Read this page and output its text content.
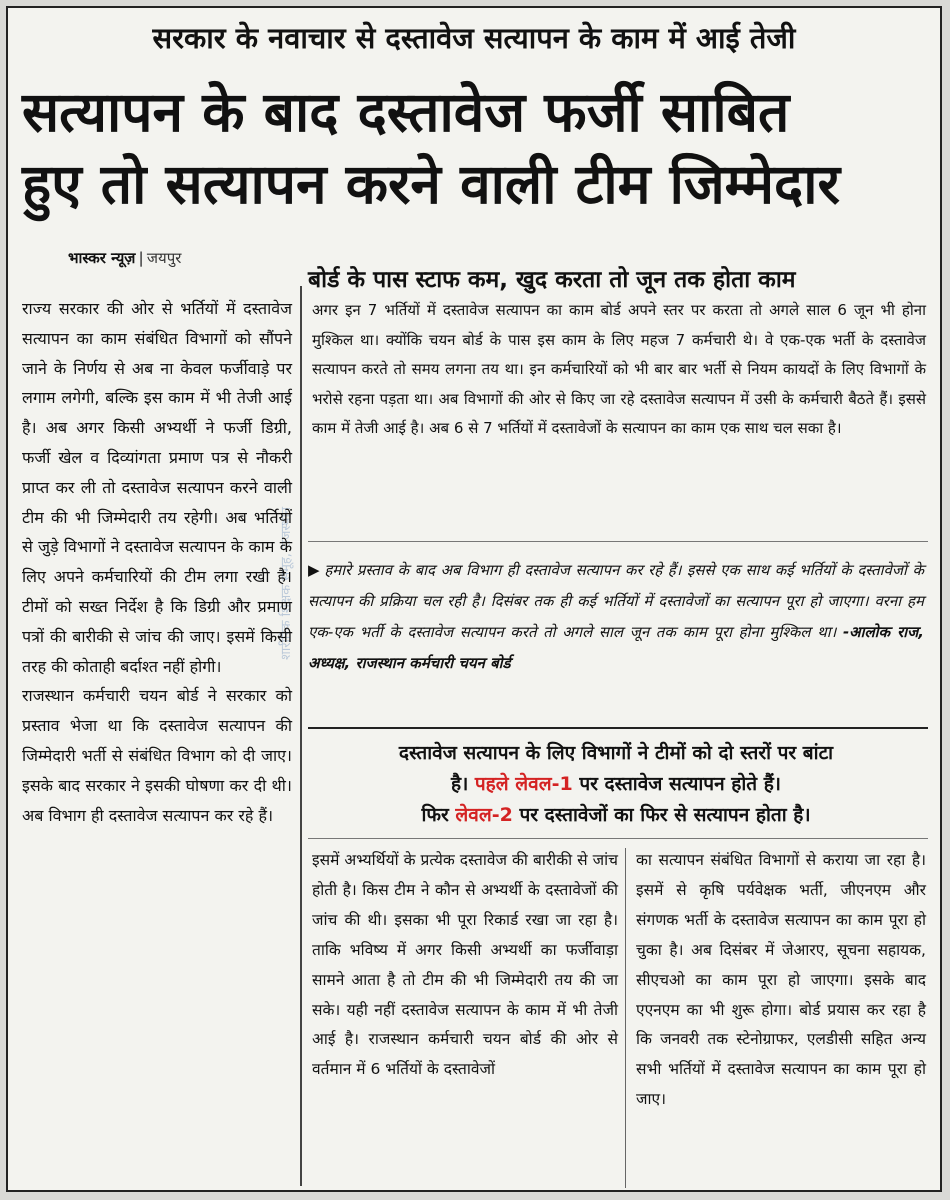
सरकार के नवाचार से दस्तावेज सत्यापन के काम में आई तेजी
सत्यापन के बाद दस्तावेज फर्जी साबित
हुए तो सत्यापन करने वाली टीम जिम्मेदार
भास्कर न्यूज़ | जयपुर
बोर्ड के पास स्टाफ कम, खुद करता तो जून तक होता काम
शारीरिक शिक्षक समूह, राजस्थान

राज्य सरकार की ओर से भर्तियों में दस्तावेज सत्यापन का काम संबंधित विभागों को सौंपने जाने के निर्णय से अब ना केवल फर्जीवाड़े पर लगाम लगेगी, बल्कि इस काम में भी तेजी आई है। अब अगर किसी अभ्यर्थी ने फर्जी डिग्री, फर्जी खेल व दिव्यांगता प्रमाण पत्र से नौकरी प्राप्त कर ली तो दस्तावेज सत्यापन करने वाली टीम की भी जिम्मेदारी तय रहेगी। अब भर्तियों से जुड़े विभागों ने दस्तावेज सत्यापन के काम के लिए अपने कर्मचारियों की टीम लगा रखी है। टीमों को सख्त निर्देश है कि डिग्री और प्रमाण पत्रों की बारीकी से जांच की जाए। इसमें किसी तरह की कोताही बर्दाश्त नहीं होगी।

राजस्थान कर्मचारी चयन बोर्ड ने सरकार को प्रस्ताव भेजा था कि दस्तावेज सत्यापन की जिम्मेदारी भर्ती से संबंधित विभाग को दी जाए। इसके बाद सरकार ने इसकी घोषणा कर दी थी। अब विभाग ही दस्तावेज सत्यापन कर रहे हैं।

अगर इन 7 भर्तियों में दस्तावेज सत्यापन का काम बोर्ड अपने स्तर पर करता तो अगले साल 6 जून भी होना मुश्किल था। क्योंकि चयन बोर्ड के पास इस काम के लिए महज 7 कर्मचारी थे। वे एक-एक भर्ती के दस्तावेज सत्यापन करते तो समय लगना तय था। इन कर्मचारियों को भी बार बार भर्ती से नियम कायदों के लिए विभागों के भरोसे रहना पड़ता था। अब विभागों की ओर से किए जा रहे दस्तावेज सत्यापन में उसी के कर्मचारी बैठते हैं। इससे काम में तेजी आई है। अब 6 से 7 भर्तियों में दस्तावेजों के सत्यापन का काम एक साथ चल सका है।

▶ हमारे प्रस्ताव के बाद अब विभाग ही दस्तावेज सत्यापन कर रहे हैं। इससे एक साथ कई भर्तियों के दस्तावेजों के सत्यापन की प्रक्रिया चल रही है। दिसंबर तक ही कई भर्तियों में दस्तावेजों का सत्यापन पूरा हो जाएगा। वरना हम एक-एक भर्ती के दस्तावेज सत्यापन करते तो अगले साल जून तक काम पूरा होना मुश्किल था। -आलोक राज, अध्यक्ष, राजस्थान कर्मचारी चयन बोर्ड
दस्तावेज सत्यापन के लिए विभागों ने टीमों को दो स्तरों पर बांटा
है। पहले लेवल-1 पर दस्तावेज सत्यापन होते हैं।
फिर लेवल-2 पर दस्तावेजों का फिर से सत्यापन होता है।

इसमें अभ्यर्थियों के प्रत्येक दस्तावेज की बारीकी से जांच होती है। किस टीम ने कौन से अभ्यर्थी के दस्तावेजों की जांच की थी। इसका भी पूरा रिकार्ड रखा जा रहा है। ताकि भविष्य में अगर किसी अभ्यर्थी का फर्जीवाड़ा सामने आता है तो टीम की भी जिम्मेदारी तय की जा सके। यही नहीं दस्तावेज सत्यापन के काम में भी तेजी आई है। राजस्थान कर्मचारी चयन बोर्ड की ओर से वर्तमान में 6 भर्तियों के दस्तावेजों

का सत्यापन संबंधित विभागों से कराया जा रहा है। इसमें से कृषि पर्यवेक्षक भर्ती, जीएनएम और संगणक भर्ती के दस्तावेज सत्यापन का काम पूरा हो चुका है। अब दिसंबर में जेआरए, सूचना सहायक, सीएचओ का काम पूरा हो जाएगा। इसके बाद एएनएम का भी शुरू होगा। बोर्ड प्रयास कर रहा है कि जनवरी तक स्टेनोग्राफर, एलडीसी सहित अन्य सभी भर्तियों में दस्तावेज सत्यापन का काम पूरा हो जाए।
